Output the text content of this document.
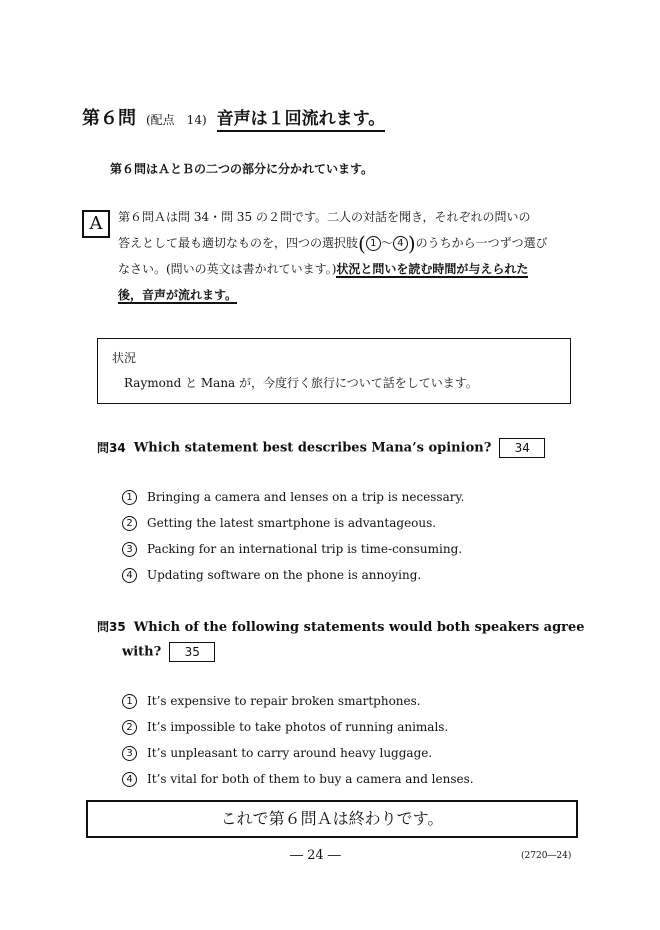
第６問 (配点　14) 音声は１回流れます。
第６問はＡとＢの二つの部分に分かれています。
A	第６問Ａは問 34・問 35 の２問です。二人の対話を聞き，それぞれの問いの
答えとして最も適切なものを，四つの選択肢( 1 ～ 4 )のうちから一つずつ選び
なさい。(問いの英文は書かれています。)状況と問いを読む時間が与えられた
後，音声が流れます。
状況
Raymond と Mana が，今度行く旅行について話をしています。
問34 Which statement best describes Mana’s opinion? 34
1 Bringing a camera and lenses on a trip is necessary.
2 Getting the latest smartphone is advantageous.
3 Packing for an international trip is time-consuming.
4 Updating software on the phone is annoying.
問35 Which of the following statements would both speakers agree
with? 35
1 It’s expensive to repair broken smartphones.
2 It’s impossible to take photos of running animals.
3 It’s unpleasant to carry around heavy luggage.
4 It’s vital for both of them to buy a camera and lenses.
これで第６問Ａは終わりです。
― 24 ―	(2720―24)
